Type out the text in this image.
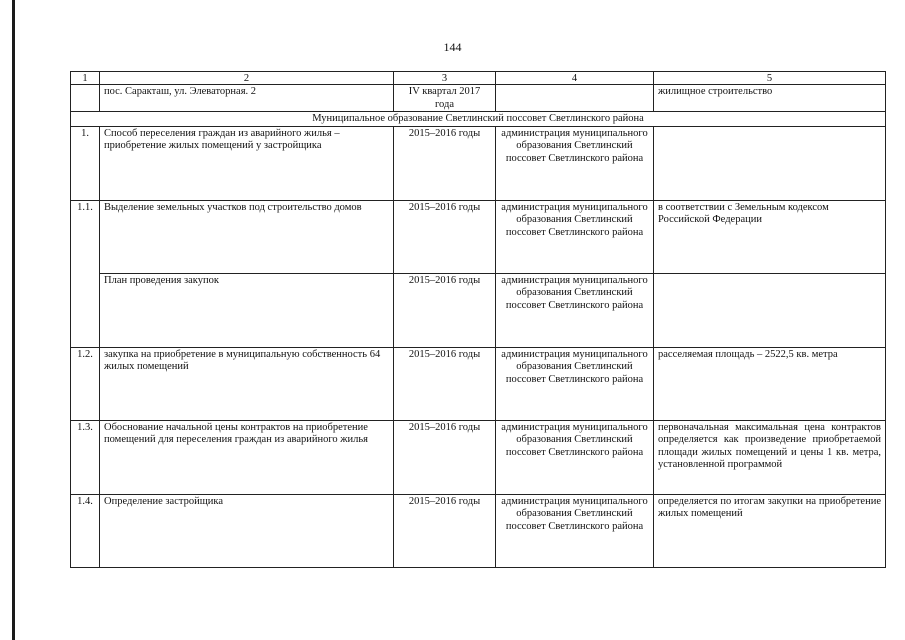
144
1	2	3	4	5
	пос. Саракташ, ул. Элеваторная. 2	IV квартал 2017 года		жилищное строительство
Муниципальное образование Светлинский поссовет Светлинского района				
1.	Способ переселения граждан из аварийного жилья – приобретение жилых помещений у застройщика	2015–2016 годы	администрация муниципального образования Светлинский поссовет Светлинского района	
1.1.	Выделение земельных участков под строительство домов	2015–2016 годы	администрация муниципального образования Светлинский поссовет Светлинского района	в соответствии с Земельным кодексом Российской Федерации
	План проведения закупок	2015–2016 годы	администрация муниципального образования Светлинский поссовет Светлинского района	
1.2.	закупка на приобретение в муниципальную собственность 64 жилых помещений	2015–2016 годы	администрация муниципального образования Светлинский поссовет Светлинского района	расселяемая площадь – 2522,5 кв. метра
1.3.	Обоснование начальной цены контрактов на приобретение помещений для переселения граждан из аварийного жилья	2015–2016 годы	администрация муниципального образования Светлинский поссовет Светлинского района	первоначальная максимальная цена контрактов определяется как произведение приобретаемой площади жилых помещений и цены 1 кв. метра, установленной программой
1.4.	Определение застройщика	2015–2016 годы	администрация муниципального образования Светлинский поссовет Светлинского района	определяется по итогам закупки на приобретение жилых помещений
